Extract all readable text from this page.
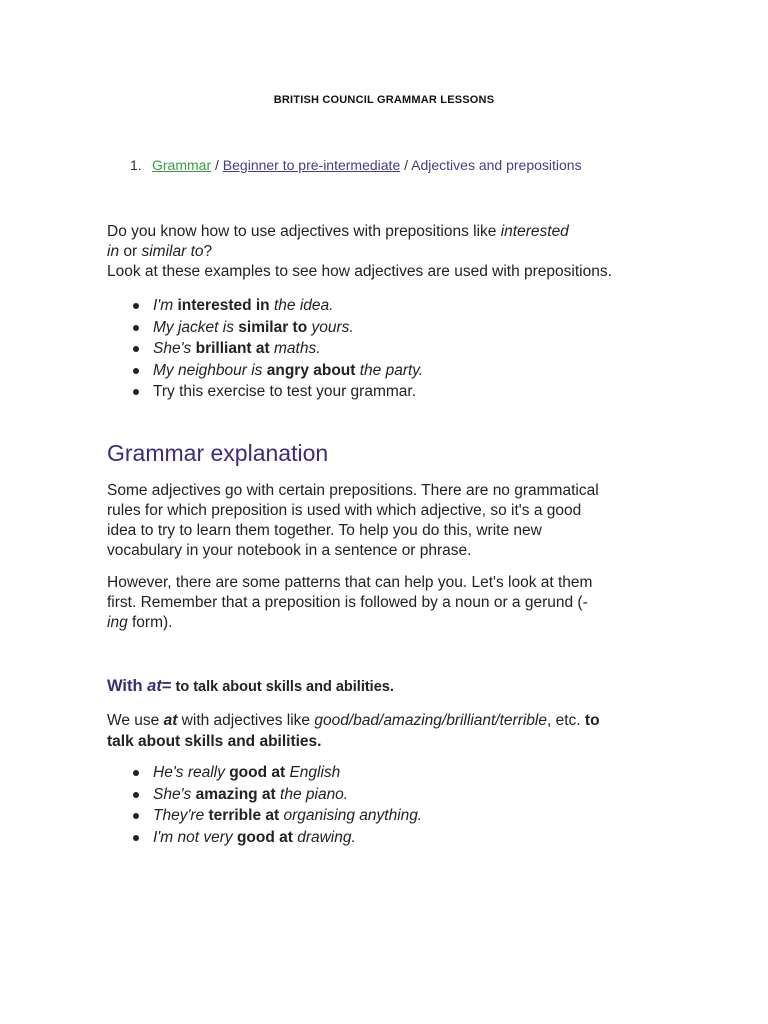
BRITISH COUNCIL GRAMMAR LESSONS
1. Grammar / Beginner to pre-intermediate / Adjectives and prepositions
Do you know how to use adjectives with prepositions like interested
in or similar to?
Look at these examples to see how adjectives are used with prepositions.
I'm interested in the idea.
My jacket is similar to yours.
She's brilliant at maths.
My neighbour is angry about the party.
Try this exercise to test your grammar.
Grammar explanation
Some adjectives go with certain prepositions. There are no grammatical
rules for which preposition is used with which adjective, so it's a good
idea to try to learn them together. To help you do this, write new
vocabulary in your notebook in a sentence or phrase.
However, there are some patterns that can help you. Let's look at them
first. Remember that a preposition is followed by a noun or a gerund (-
ing form).
With at= to talk about skills and abilities.
We use at with adjectives like good/bad/amazing/brilliant/terrible, etc. to
talk about skills and abilities.
He's really good at English
She's amazing at the piano.
They're terrible at organising anything.
I'm not very good at drawing.
